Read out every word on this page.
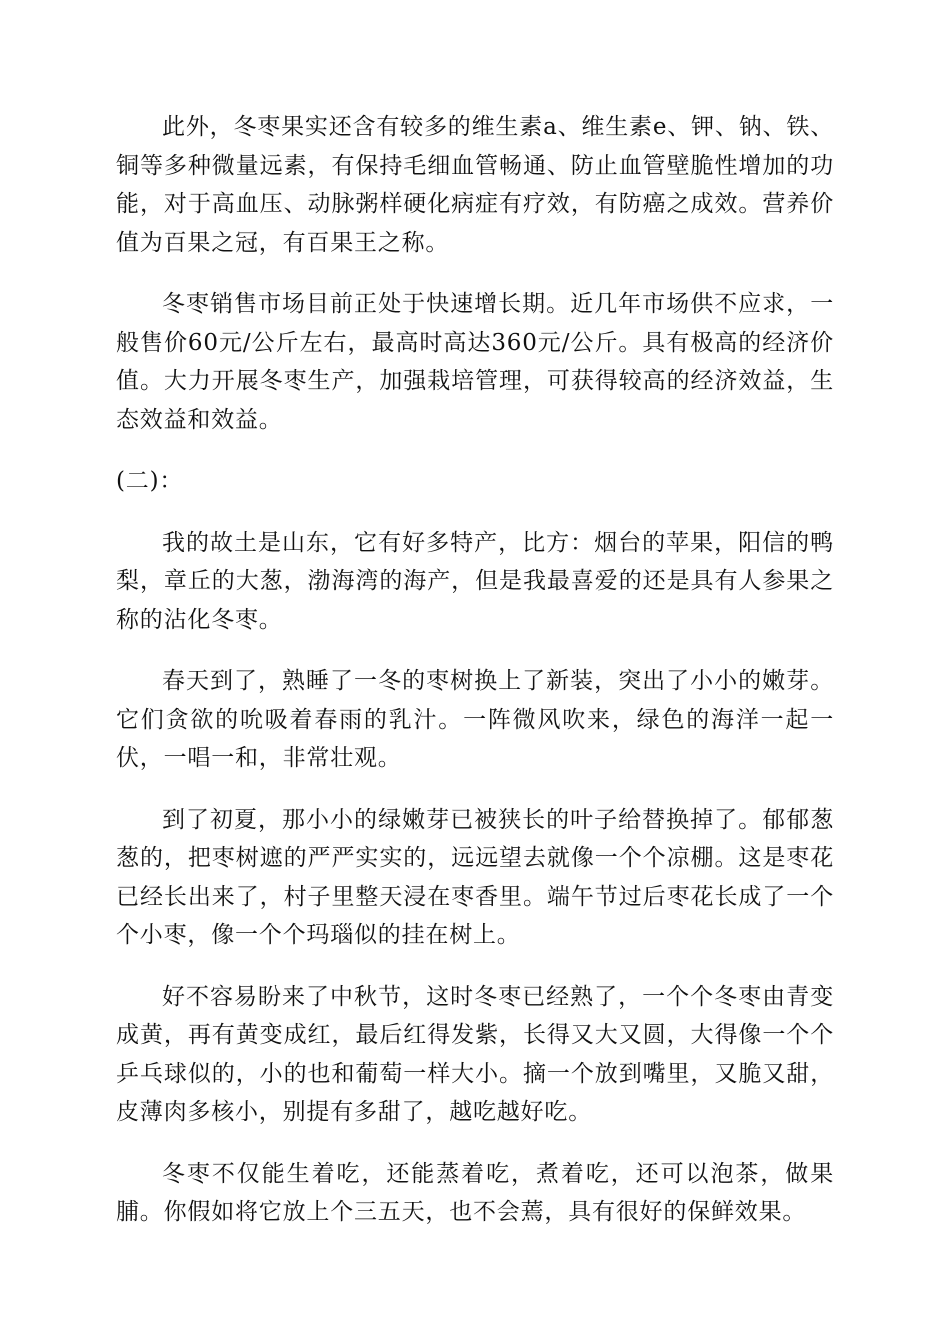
此外，冬枣果实还含有较多的维生素a、维生素e、钾、钠、铁、铜等多种微量远素，有保持毛细血管畅通、防止血管壁脆性增加的功能，对于高血压、动脉粥样硬化病症有疗效，有防癌之成效。营养价值为百果之冠，有百果王之称。

冬枣销售市场目前正处于快速增长期。近几年市场供不应求，一般售价60元/公斤左右，最高时高达360元/公斤。具有极高的经济价值。大力开展冬枣生产，加强栽培管理，可获得较高的经济效益，生态效益和效益。

(二)：

我的故土是山东，它有好多特产，比方：烟台的苹果，阳信的鸭梨，章丘的大葱，渤海湾的海产，但是我最喜爱的还是具有人参果之称的沾化冬枣。

春天到了，熟睡了一冬的枣树换上了新装，突出了小小的嫩芽。它们贪欲的吮吸着春雨的乳汁。一阵微风吹来，绿色的海洋一起一伏，一唱一和，非常壮观。

到了初夏，那小小的绿嫩芽已被狭长的叶子给替换掉了。郁郁葱葱的，把枣树遮的严严实实的，远远望去就像一个个凉棚。这是枣花已经长出来了，村子里整天浸在枣香里。端午节过后枣花长成了一个个小枣，像一个个玛瑙似的挂在树上。

好不容易盼来了中秋节，这时冬枣已经熟了，一个个冬枣由青变成黄，再有黄变成红，最后红得发紫，长得又大又圆，大得像一个个乒乓球似的，小的也和葡萄一样大小。摘一个放到嘴里，又脆又甜，皮薄肉多核小，别提有多甜了，越吃越好吃。

冬枣不仅能生着吃，还能蒸着吃，煮着吃，还可以泡茶，做果脯。你假如将它放上个三五天，也不会蔫，具有很好的保鲜效果。
